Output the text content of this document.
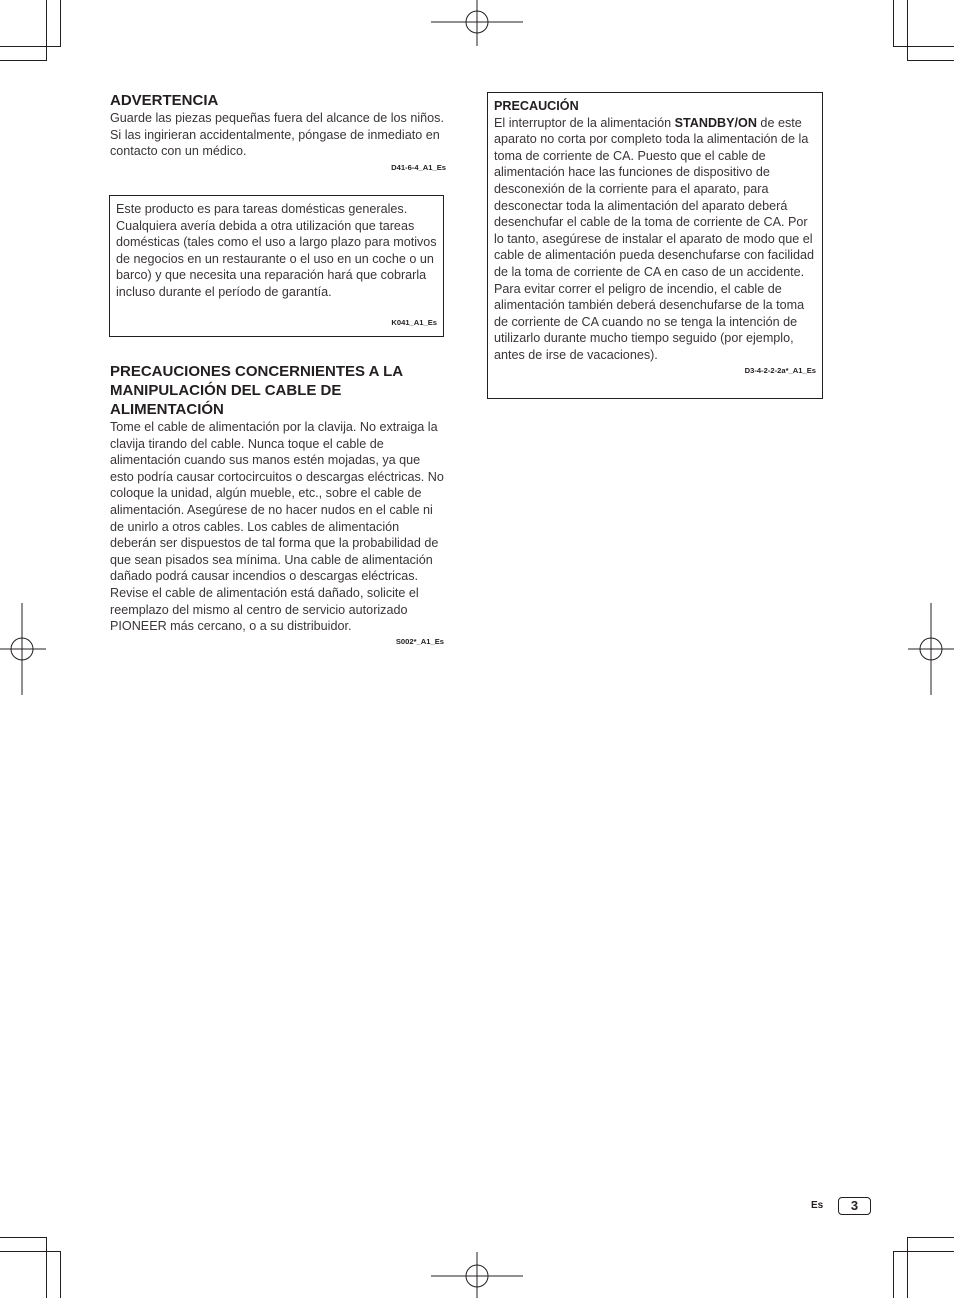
ADVERTENCIA
Guarde las piezas pequeñas fuera del alcance de los niños. Si las ingirieran accidentalmente, póngase de inmediato en contacto con un médico.
D41-6-4_A1_Es
Este producto es para tareas domésticas generales. Cualquiera avería debida a otra utilización que tareas domésticas (tales como el uso a largo plazo para motivos de negocios en un restaurante o el uso en un coche o un barco) y que necesita una reparación hará que cobrarla incluso durante el período de garantía.
K041_A1_Es
PRECAUCIONES CONCERNIENTES A LA MANIPULACIÓN DEL CABLE DE ALIMENTACIÓN
Tome el cable de alimentación por la clavija. No extraiga la clavija tirando del cable. Nunca toque el cable de alimentación cuando sus manos estén mojadas, ya que esto podría causar cortocircuitos o descargas eléctricas. No coloque la unidad, algún mueble, etc., sobre el cable de alimentación. Asegúrese de no hacer nudos en el cable ni de unirlo a otros cables. Los cables de alimentación deberán ser dispuestos de tal forma que la probabilidad de que sean pisados sea mínima. Una cable de alimentación dañado podrá causar incendios o descargas eléctricas. Revise el cable de alimentación está dañado, solicite el reemplazo del mismo al centro de servicio autorizado PIONEER más cercano, o a su distribuidor.
S002*_A1_Es
PRECAUCIÓN
El interruptor de la alimentación STANDBY/ON de este aparato no corta por completo toda la alimentación de la toma de corriente de CA. Puesto que el cable de alimentación hace las funciones de dispositivo de desconexión de la corriente para el aparato, para desconectar toda la alimentación del aparato deberá desenchufar el cable de la toma de corriente de CA. Por lo tanto, asegúrese de instalar el aparato de modo que el cable de alimentación pueda desenchufarse con facilidad de la toma de corriente de CA en caso de un accidente. Para evitar correr el peligro de incendio, el cable de alimentación también deberá desenchufarse de la toma de corriente de CA cuando no se tenga la intención de utilizarlo durante mucho tiempo seguido (por ejemplo, antes de irse de vacaciones).
D3-4-2-2-2a*_A1_Es
Es	3
